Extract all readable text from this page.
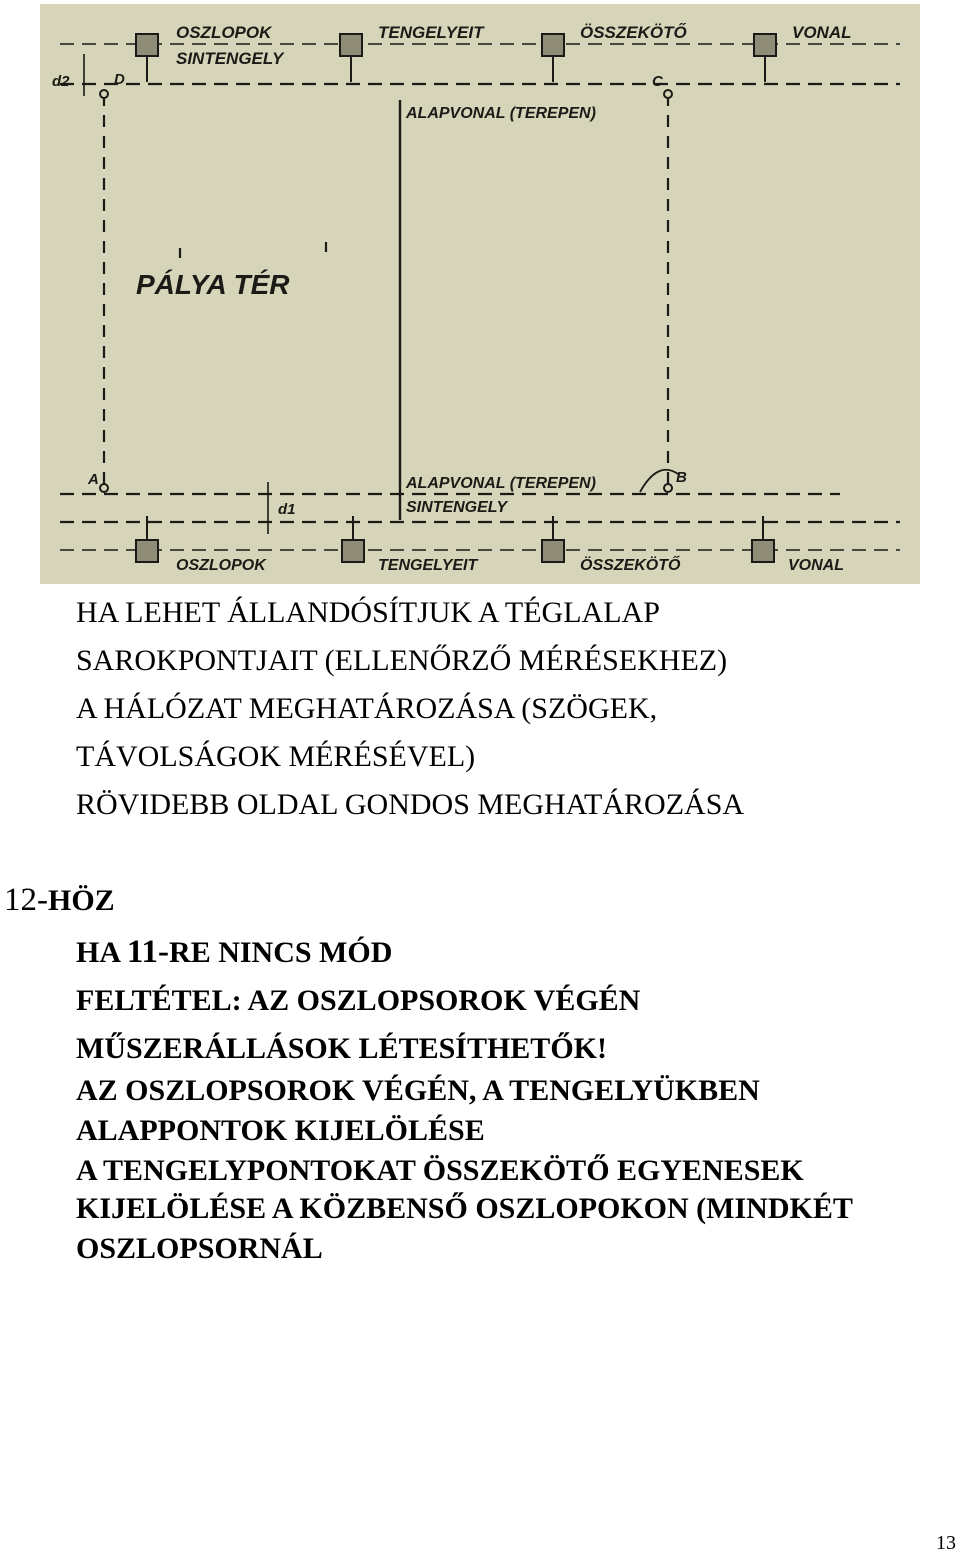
OSZLOPOK	TENGELYEIT	ÖSSZEKÖTŐ	VONAL
SINTENGELY
ALAPVONAL (TEREPEN)
PÁLYA TÉR
ALAPVONAL (TEREPEN)
SINTENGELY
OSZLOPOK	TENGELYEIT	ÖSSZEKÖTŐ	VONAL
A	B
C
D
d1
d2
HA LEHET ÁLLANDÓSÍTJUK A TÉGLALAP
SAROKPONTJAIT (ELLENŐRZŐ MÉRÉSEKHEZ)
A HÁLÓZAT MEGHATÁROZÁSA (SZÖGEK,
TÁVOLSÁGOK MÉRÉSÉVEL)
RÖVIDEBB OLDAL GONDOS MEGHATÁROZÁSA
12-HÖZ
HA 11-RE NINCS MÓD
FELTÉTEL: AZ OSZLOPSOROK VÉGÉN
MŰSZERÁLLÁSOK LÉTESÍTHETŐK!
AZ OSZLOPSOROK VÉGÉN, A TENGELYÜKBEN
ALAPPONTOK KIJELÖLÉSE
A TENGELYPONTOKAT ÖSSZEKÖTŐ EGYENESEK
KIJELÖLÉSE A KÖZBENSŐ OSZLOPOKON (MINDKÉT
OSZLOPSORNÁL
13
